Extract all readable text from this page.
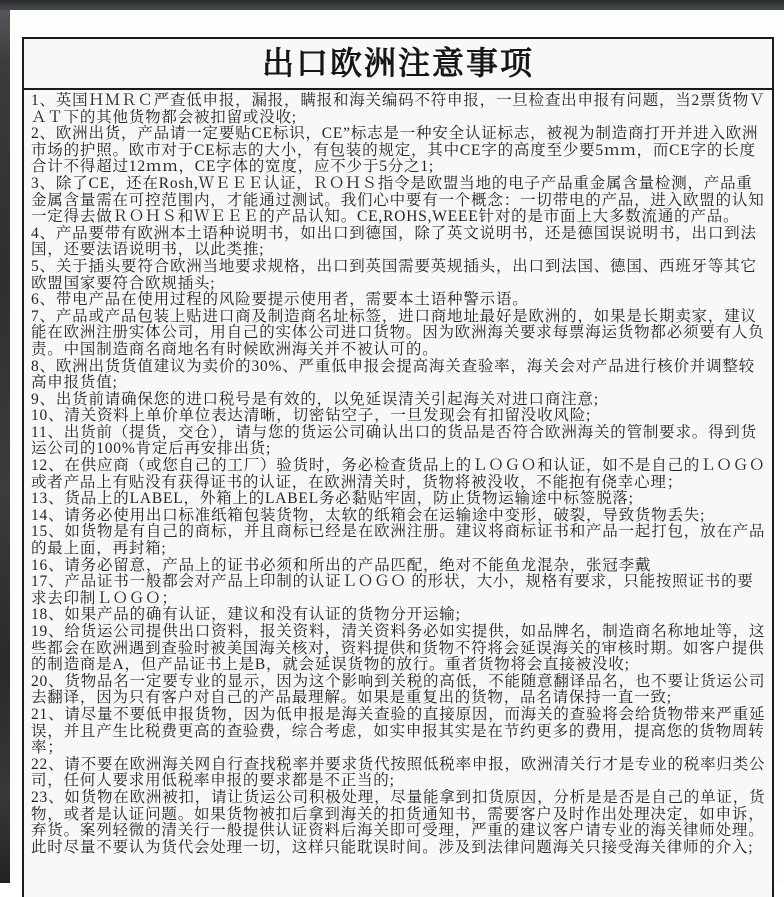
出口欧洲注意事项

1、英国ＨＭＲＣ严查低申报，漏报，瞒报和海关编码不符申报，一旦检查出申报有问题，当2票货物ＶＡＴ下的其他货物都会被扣留或没收;

2、欧洲出货，产品请一定要贴CE标识，CE”标志是一种安全认证标志，被视为制造商打开并进入欧洲市场的护照。欧市对于CE标志的大小，有包装的规定，其中CE字的高度至少要5ｍｍ，而CE字的长度合计不得超过12ｍｍ，CE字体的宽度，应不少于5分之1;

3、除了CE，还在Rosh,ＷＥＥＥ认证，ＲＯＨＳ指令是欧盟当地的电子产品重金属含量检测，产品重金属含量需在可控范围内，才能通过测试。我们心中要有一个概念：一切带电的产品，进入欧盟的认知一定得去做ＲＯＨＳ和ＷＥＥＥ的产品认知。CE,ROHS,WEEE针对的是市面上大多数流通的产品。

4、产品要带有欧洲本土语种说明书，如出口到德国，除了英文说明书，还是德国误说明书，出口到法国，还要法语说明书，以此类推;

5、关于插头要符合欧洲当地要求规格，出口到英国需要英规插头，出口到法国、德国、西班牙等其它欧盟国家要符合欧规插头;

6、带电产品在使用过程的风险要提示使用者，需要本土语种警示语。

7、产品或产品包装上贴进口商及制造商名址标签，进口商地址最好是欧洲的，如果是长期卖家，建议能在欧洲注册实体公司，用自己的实体公司进口货物。因为欧洲海关要求每票海运货物都必须要有人负责。中国制造商名商地名有时候欧洲海关并不被认可的。

8、欧洲出货货值建议为卖价的30%、严重低申报会提高海关查验率，海关会对产品进行核价并调整较高申报货值;

9、出货前请确保您的进口税号是有效的，以免延误清关引起海关对进口商注意;

10、清关资料上单价单位表达清晰，切密钻空子，一旦发现会有扣留没收风险;

11、出货前（提货，交仓），请与您的货运公司确认出口的货品是否符合欧洲海关的管制要求。得到货运公司的100%肯定后再安排出货;

12、在供应商（或您自己的工厂）验货时，务必检查货品上的ＬＯＧＯ和认证，如不是自己的ＬＯＧＯ或者产品上有贴没有获得证书的认证，在欧洲清关时，货物将被没收，不能抱有侥幸心理；

13、货品上的LABEL，外箱上的LABEL务必黏贴牢固，防止货物运输途中标签脱落;

14、请务必使用出口标准纸箱包装货物，太软的纸箱会在运输途中变形，破裂，导致货物丢失;

15、如货物是有自己的商标，并且商标已经是在欧洲注册。建议将商标证书和产品一起打包，放在产品的最上面，再封箱;

16、请务必留意，产品上的证书必须和所出的产品匹配，绝对不能鱼龙混杂，张冠李戴

17、产品证书一般都会对产品上印制的认证ＬＯＧＯ 的形状，大小，规格有要求，只能按照证书的要求去印制ＬＯＧＯ；

18、如果产品的确有认证，建议和没有认证的货物分开运输;

19、给货运公司提供出口资料，报关资料，清关资料务必如实提供，如品牌名，制造商名称地址等，这些都会在欧洲遇到查验时被美国海关核对，资料提供和货物不符将会延误海关的审核时期。如客户提供的制造商是A，但产品证书上是B，就会延误货物的放行。重者货物将会直接被没收;

20、货物品名一定要专业的显示，因为这个影响到关税的高低，不能随意翻译品名，也不要让货运公司去翻译，因为只有客户对自己的产品最理解。如果是重复出的货物，品名请保持一直一致;

21、请尽量不要低申报货物，因为低申报是海关查验的直接原因，而海关的查验将会给货物带来严重延误，并且产生比税费更高的查验费，综合考虑，如实申报其实是在节约更多的费用，提高您的货物周转率；

22、请不要在欧洲海关网自行查找税率并要求货代按照低税率申报，欧洲清关行才是专业的税率归类公司，任何人要求用低税率申报的要求都是不正当的;

23、如货物在欧洲被扣，请让货运公司积极处理，尽量能拿到扣货原因，分析是是否是自己的单证，货物，或者是认证问题。如果货物被扣后拿到海关的扣货通知书，需要客户及时作出处理决定，如申诉，弃货。案列轻微的清关行一般提供认证资料后海关即可受理，严重的建议客户请专业的海关律师处理。此时尽量不要认为货代会处理一切，这样只能耽误时间。涉及到法律问题海关只接受海关律师的介入;
